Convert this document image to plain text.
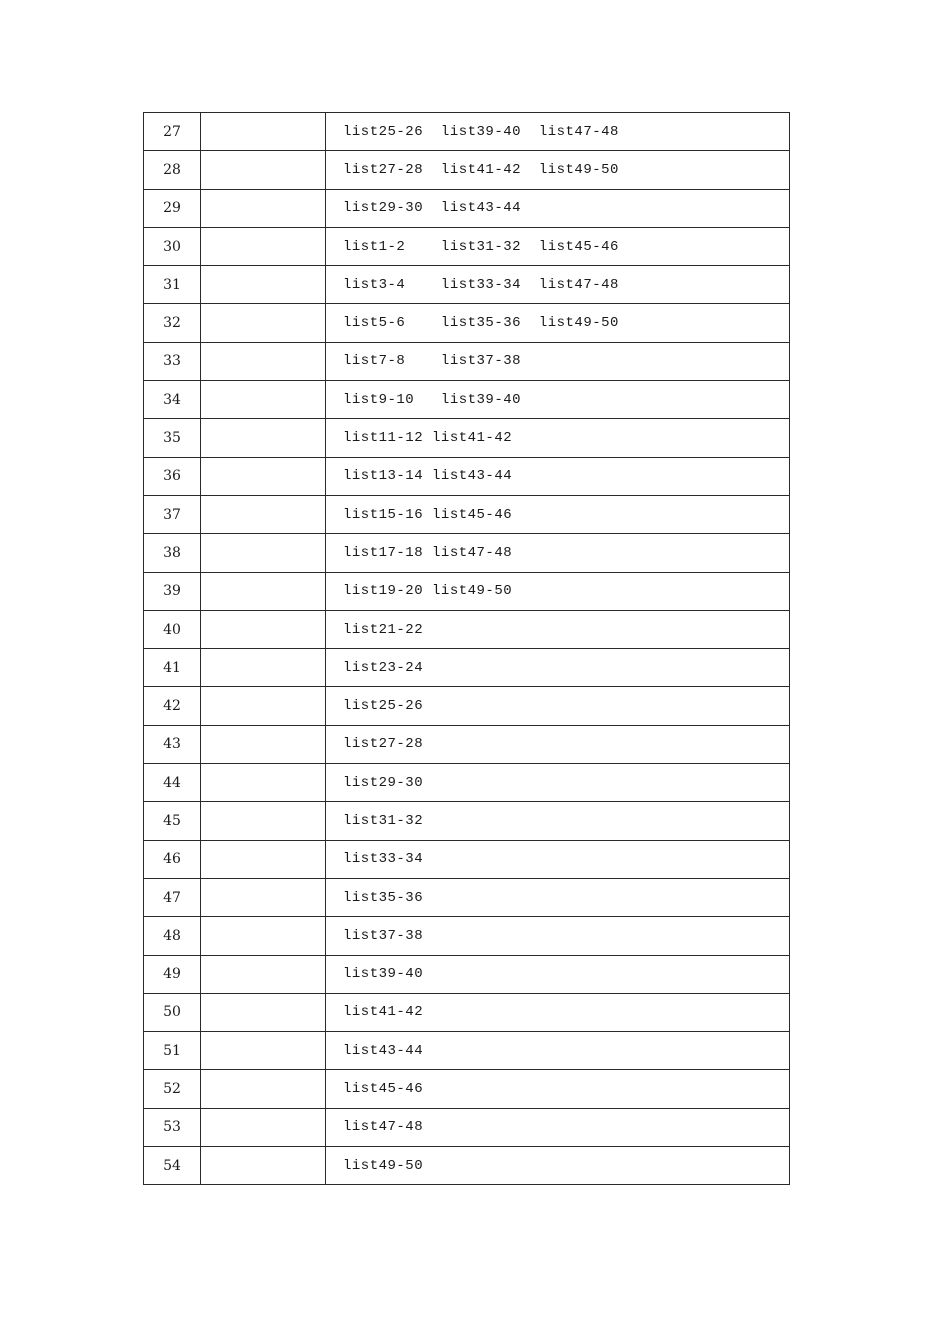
27		list25-26  list39-40  list47-48
28		list27-28  list41-42  list49-50
29		list29-30  list43-44
30		list1-2    list31-32  list45-46
31		list3-4    list33-34  list47-48
32		list5-6    list35-36  list49-50
33		list7-8    list37-38
34		list9-10   list39-40
35		list11-12 list41-42
36		list13-14 list43-44
37		list15-16 list45-46
38		list17-18 list47-48
39		list19-20 list49-50
40		list21-22
41		list23-24
42		list25-26
43		list27-28
44		list29-30
45		list31-32
46		list33-34
47		list35-36
48		list37-38
49		list39-40
50		list41-42
51		list43-44
52		list45-46
53		list47-48
54		list49-50
